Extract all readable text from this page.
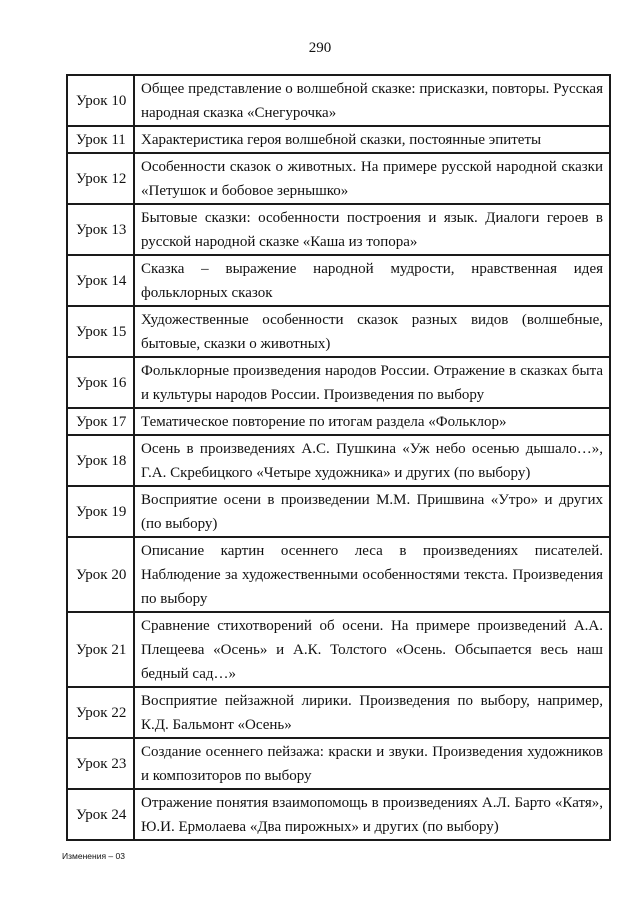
290
Урок 10	Общее представление о волшебной сказке: присказки, повторы. Русская народная сказка «Снегурочка»
Урок 11	Характеристика героя волшебной сказки, постоянные эпитеты
Урок 12	Особенности сказок о животных. На примере русской народной сказки «Петушок и бобовое зернышко»
Урок 13	Бытовые сказки: особенности построения и язык. Диалоги героев в русской народной сказке «Каша из топора»
Урок 14	Сказка – выражение народной мудрости, нравственная идея фольклорных сказок
Урок 15	Художественные особенности сказок разных видов (волшебные, бытовые, сказки о животных)
Урок 16	Фольклорные произведения народов России. Отражение в сказках быта и культуры народов России. Произведения по выбору
Урок 17	Тематическое повторение по итогам раздела «Фольклор»
Урок 18	Осень в произведениях А.С. Пушкина «Уж небо осенью дышало…», Г.А. Скребицкого «Четыре художника» и других (по выбору)
Урок 19	Восприятие осени в произведении М.М. Пришвина «Утро» и других (по выбору)
Урок 20	Описание картин осеннего леса в произведениях писателей. Наблюдение за художественными особенностями текста. Произведения по выбору
Урок 21	Сравнение стихотворений об осени. На примере произведений А.А. Плещеева «Осень» и А.К. Толстого «Осень. Обсыпается весь наш бедный сад…»
Урок 22	Восприятие пейзажной лирики. Произведения по выбору, например, К.Д. Бальмонт «Осень»
Урок 23	Создание осеннего пейзажа: краски и звуки. Произведения художников и композиторов по выбору
Урок 24	Отражение понятия взаимопомощь в произведениях А.Л. Барто «Катя», Ю.И. Ермолаева «Два пирожных» и других (по выбору)
Изменения – 03
